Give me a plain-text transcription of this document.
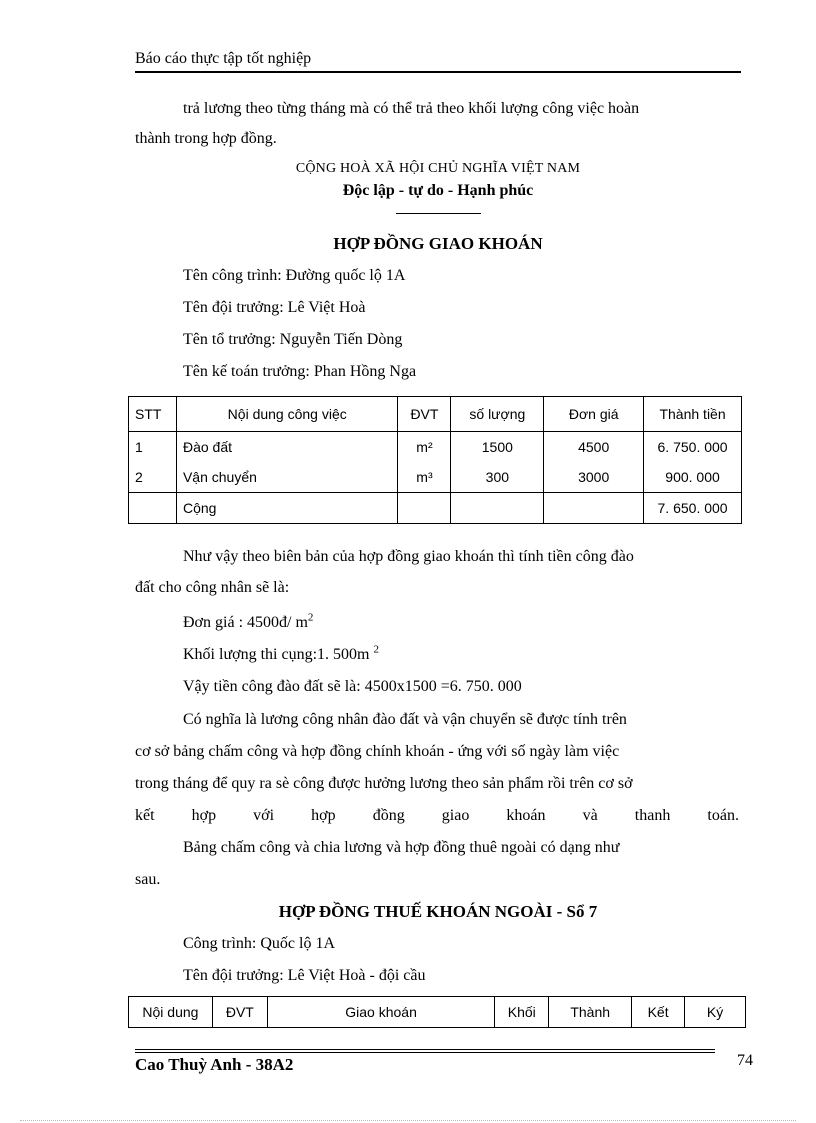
Báo cáo thực tập tốt nghiệp
trả lương theo từng tháng mà có thể trả theo khối lượng công việc hoàn
thành trong hợp đồng.
CỘNG HOÀ XÃ HỘI CHỦ NGHĨA VIỆT NAM
Độc lập - tự do - Hạnh phúc
HỢP ĐỒNG GIAO KHOÁN
Tên công trình: Đường quốc lộ 1A
Tên đội trưởng: Lê Việt Hoà
Tên tổ trưởng: Nguyễn Tiến Dòng
Tên kế toán trưởng: Phan Hồng Nga
STT	Nội dung công việc	ĐVT	số lượng	Đơn giá	Thành tiền
1	Đào đất	m²	1500	4500	6. 750. 000
2	Vận chuyển	m³	300	3000	900. 000
	Cộng				7. 650. 000
Như vậy theo biên bản của hợp đồng giao khoán thì tính tiền công đào
đất cho công nhân sẽ là:
Đơn giá : 4500đ/ $m^2$
Khối lượng thi cụng:1. 500m $^2$
Vậy tiền công đào đất sẽ là: 4500x1500 =6. 750. 000
Có nghĩa là lương công nhân đào đất và vận chuyển sẽ được tính trên
cơ sở bảng chấm công và hợp đồng chính khoán - ứng với số ngày làm việc
trong tháng để quy ra sè công được hưởng lương theo sản phẩm rồi trên cơ sở
kết hợp với hợp đồng giao khoán và thanh toán.
Bảng chấm công và chia lương và hợp đồng thuê ngoài có dạng như
sau.
HỢP ĐỒNG THUẾ KHOÁN NGOÀI - Sổ 7
Công trình: Quốc lộ 1A
Tên đội trưởng: Lê Việt Hoà - đội cầu
Nội dung	ĐVT	Giao khoán	Khối	Thành	Kết	Ký
Cao Thuỳ Anh - 38A2	74
